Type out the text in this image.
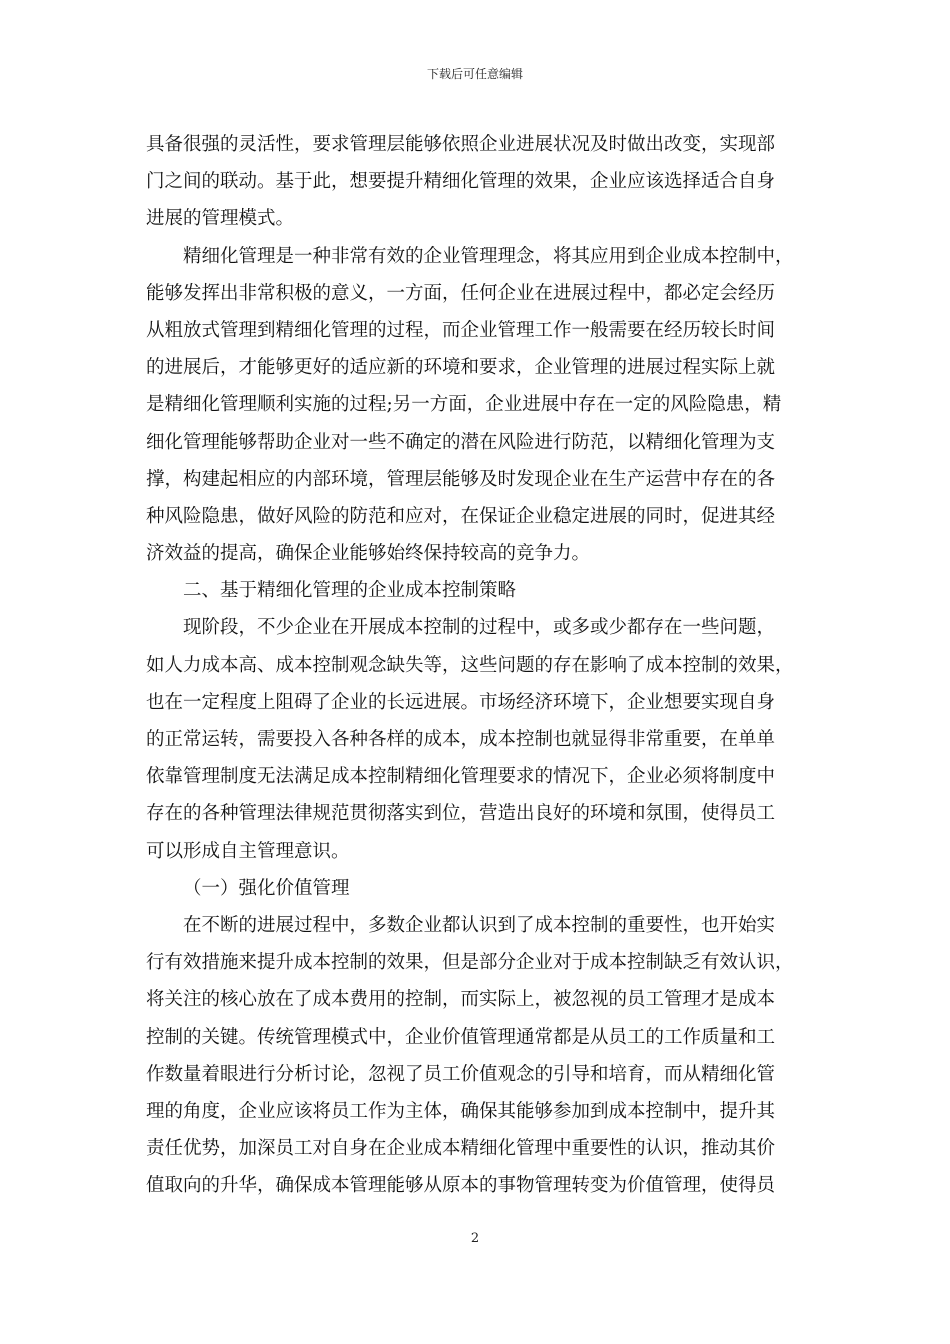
下载后可任意编辑
具备很强的灵活性，要求管理层能够依照企业进展状况及时做出改变，实现部
门之间的联动。基于此，想要提升精细化管理的效果，企业应该选择适合自身
进展的管理模式。
精细化管理是一种非常有效的企业管理理念，将其应用到企业成本控制中，
能够发挥出非常积极的意义，一方面，任何企业在进展过程中，都必定会经历
从粗放式管理到精细化管理的过程，而企业管理工作一般需要在经历较长时间
的进展后，才能够更好的适应新的环境和要求，企业管理的进展过程实际上就
是精细化管理顺利实施的过程;另一方面，企业进展中存在一定的风险隐患，精
细化管理能够帮助企业对一些不确定的潜在风险进行防范，以精细化管理为支
撑，构建起相应的内部环境，管理层能够及时发现企业在生产运营中存在的各
种风险隐患，做好风险的防范和应对，在保证企业稳定进展的同时，促进其经
济效益的提高，确保企业能够始终保持较高的竞争力。
二、基于精细化管理的企业成本控制策略
现阶段，不少企业在开展成本控制的过程中，或多或少都存在一些问题，
如人力成本高、成本控制观念缺失等，这些问题的存在影响了成本控制的效果，
也在一定程度上阻碍了企业的长远进展。市场经济环境下，企业想要实现自身
的正常运转，需要投入各种各样的成本，成本控制也就显得非常重要，在单单
依靠管理制度无法满足成本控制精细化管理要求的情况下，企业必须将制度中
存在的各种管理法律规范贯彻落实到位，营造出良好的环境和氛围，使得员工
可以形成自主管理意识。
（一）强化价值管理
在不断的进展过程中，多数企业都认识到了成本控制的重要性，也开始实
行有效措施来提升成本控制的效果，但是部分企业对于成本控制缺乏有效认识，
将关注的核心放在了成本费用的控制，而实际上，被忽视的员工管理才是成本
控制的关键。传统管理模式中，企业价值管理通常都是从员工的工作质量和工
作数量着眼进行分析讨论，忽视了员工价值观念的引导和培育，而从精细化管
理的角度，企业应该将员工作为主体，确保其能够参加到成本控制中，提升其
责任优势，加深员工对自身在企业成本精细化管理中重要性的认识，推动其价
值取向的升华，确保成本管理能够从原本的事物管理转变为价值管理，使得员
2
